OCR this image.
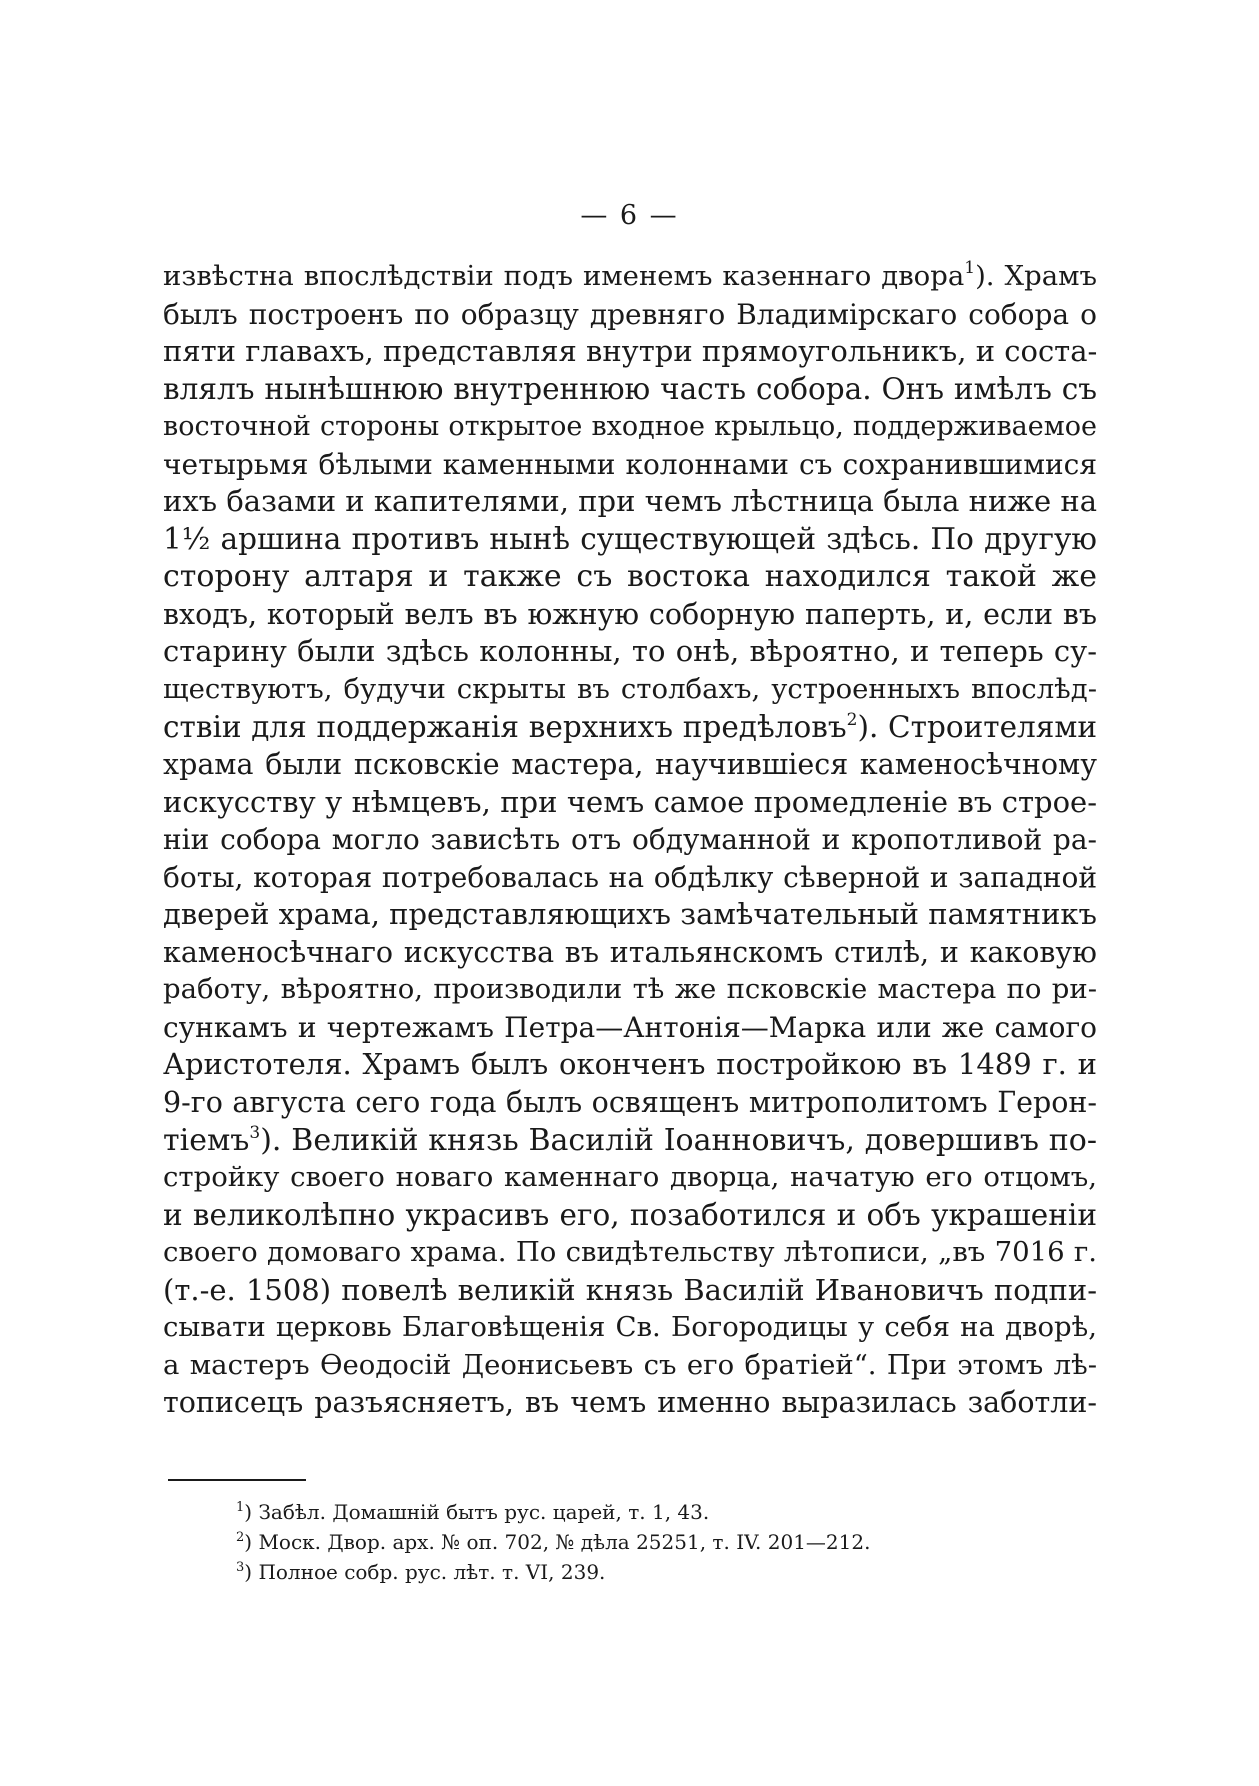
— 6 —
извѣстна впослѣдствіи подъ именемъ казеннаго двора$^1$). Храмъ
былъ построенъ по образцу древняго Владимірскаго собора о
пяти главахъ, представляя внутри прямоугольникъ, и соста-
влялъ нынѣшнюю внутреннюю часть собора. Онъ имѣлъ съ
восточной стороны открытое входное крыльцо, поддерживаемое
четырьмя бѣлыми каменными колоннами съ сохранившимися
ихъ базами и капителями, при чемъ лѣстница была ниже на
1½ аршина противъ нынѣ существующей здѣсь. По другую
сторону алтаря и также съ востока находился такой же
входъ, который велъ въ южную соборную паперть, и, если въ
старину были здѣсь колонны, то онѣ, вѣроятно, и теперь су-
ществуютъ, будучи скрыты въ столбахъ, устроенныхъ впослѣд-
ствіи для поддержанія верхнихъ предѣловъ$^2$). Строителями
храма были псковскіе мастера, научившіеся каменосѣчному
искусству у нѣмцевъ, при чемъ самое промедленіе въ строе-
ніи собора могло зависѣть отъ обдуманной и кропотливой ра-
боты, которая потребовалась на обдѣлку сѣверной и западной
дверей храма, представляющихъ замѣчательный памятникъ
каменосѣчнаго искусства въ итальянскомъ стилѣ, и каковую
работу, вѣроятно, производили тѣ же псковскіе мастера по ри-
сункамъ и чертежамъ Петра—Антонія—Марка или же самого
Аристотеля. Храмъ былъ оконченъ постройкою въ 1489 г. и
9-го августа сего года былъ освященъ митрополитомъ Герон-
тіемъ$^3$). Великій князь Василій Іоанновичъ, довершивъ по-
стройку своего новаго каменнаго дворца, начатую его отцомъ,
и великолѣпно украсивъ его, позаботился и объ украшеніи
своего домоваго храма. По свидѣтельству лѣтописи, „въ 7016 г.
(т.-е. 1508) повелѣ великій князь Василій Ивановичъ подпи-
сывати церковь Благовѣщенія Св. Богородицы у себя на дворѣ,
а мастеръ Ѳеодосій Деонисьевъ съ его братіей“. При этомъ лѣ-
тописецъ разъясняетъ, въ чемъ именно выразилась заботли-
$^1$) Забѣл. Домашній бытъ рус. царей, т. 1, 43.
$^2$) Моск. Двор. арх. № оп. 702, № дѣла 25251, т. IV. 201—212.
$^3$) Полное собр. рус. лѣт. т. VI, 239.
